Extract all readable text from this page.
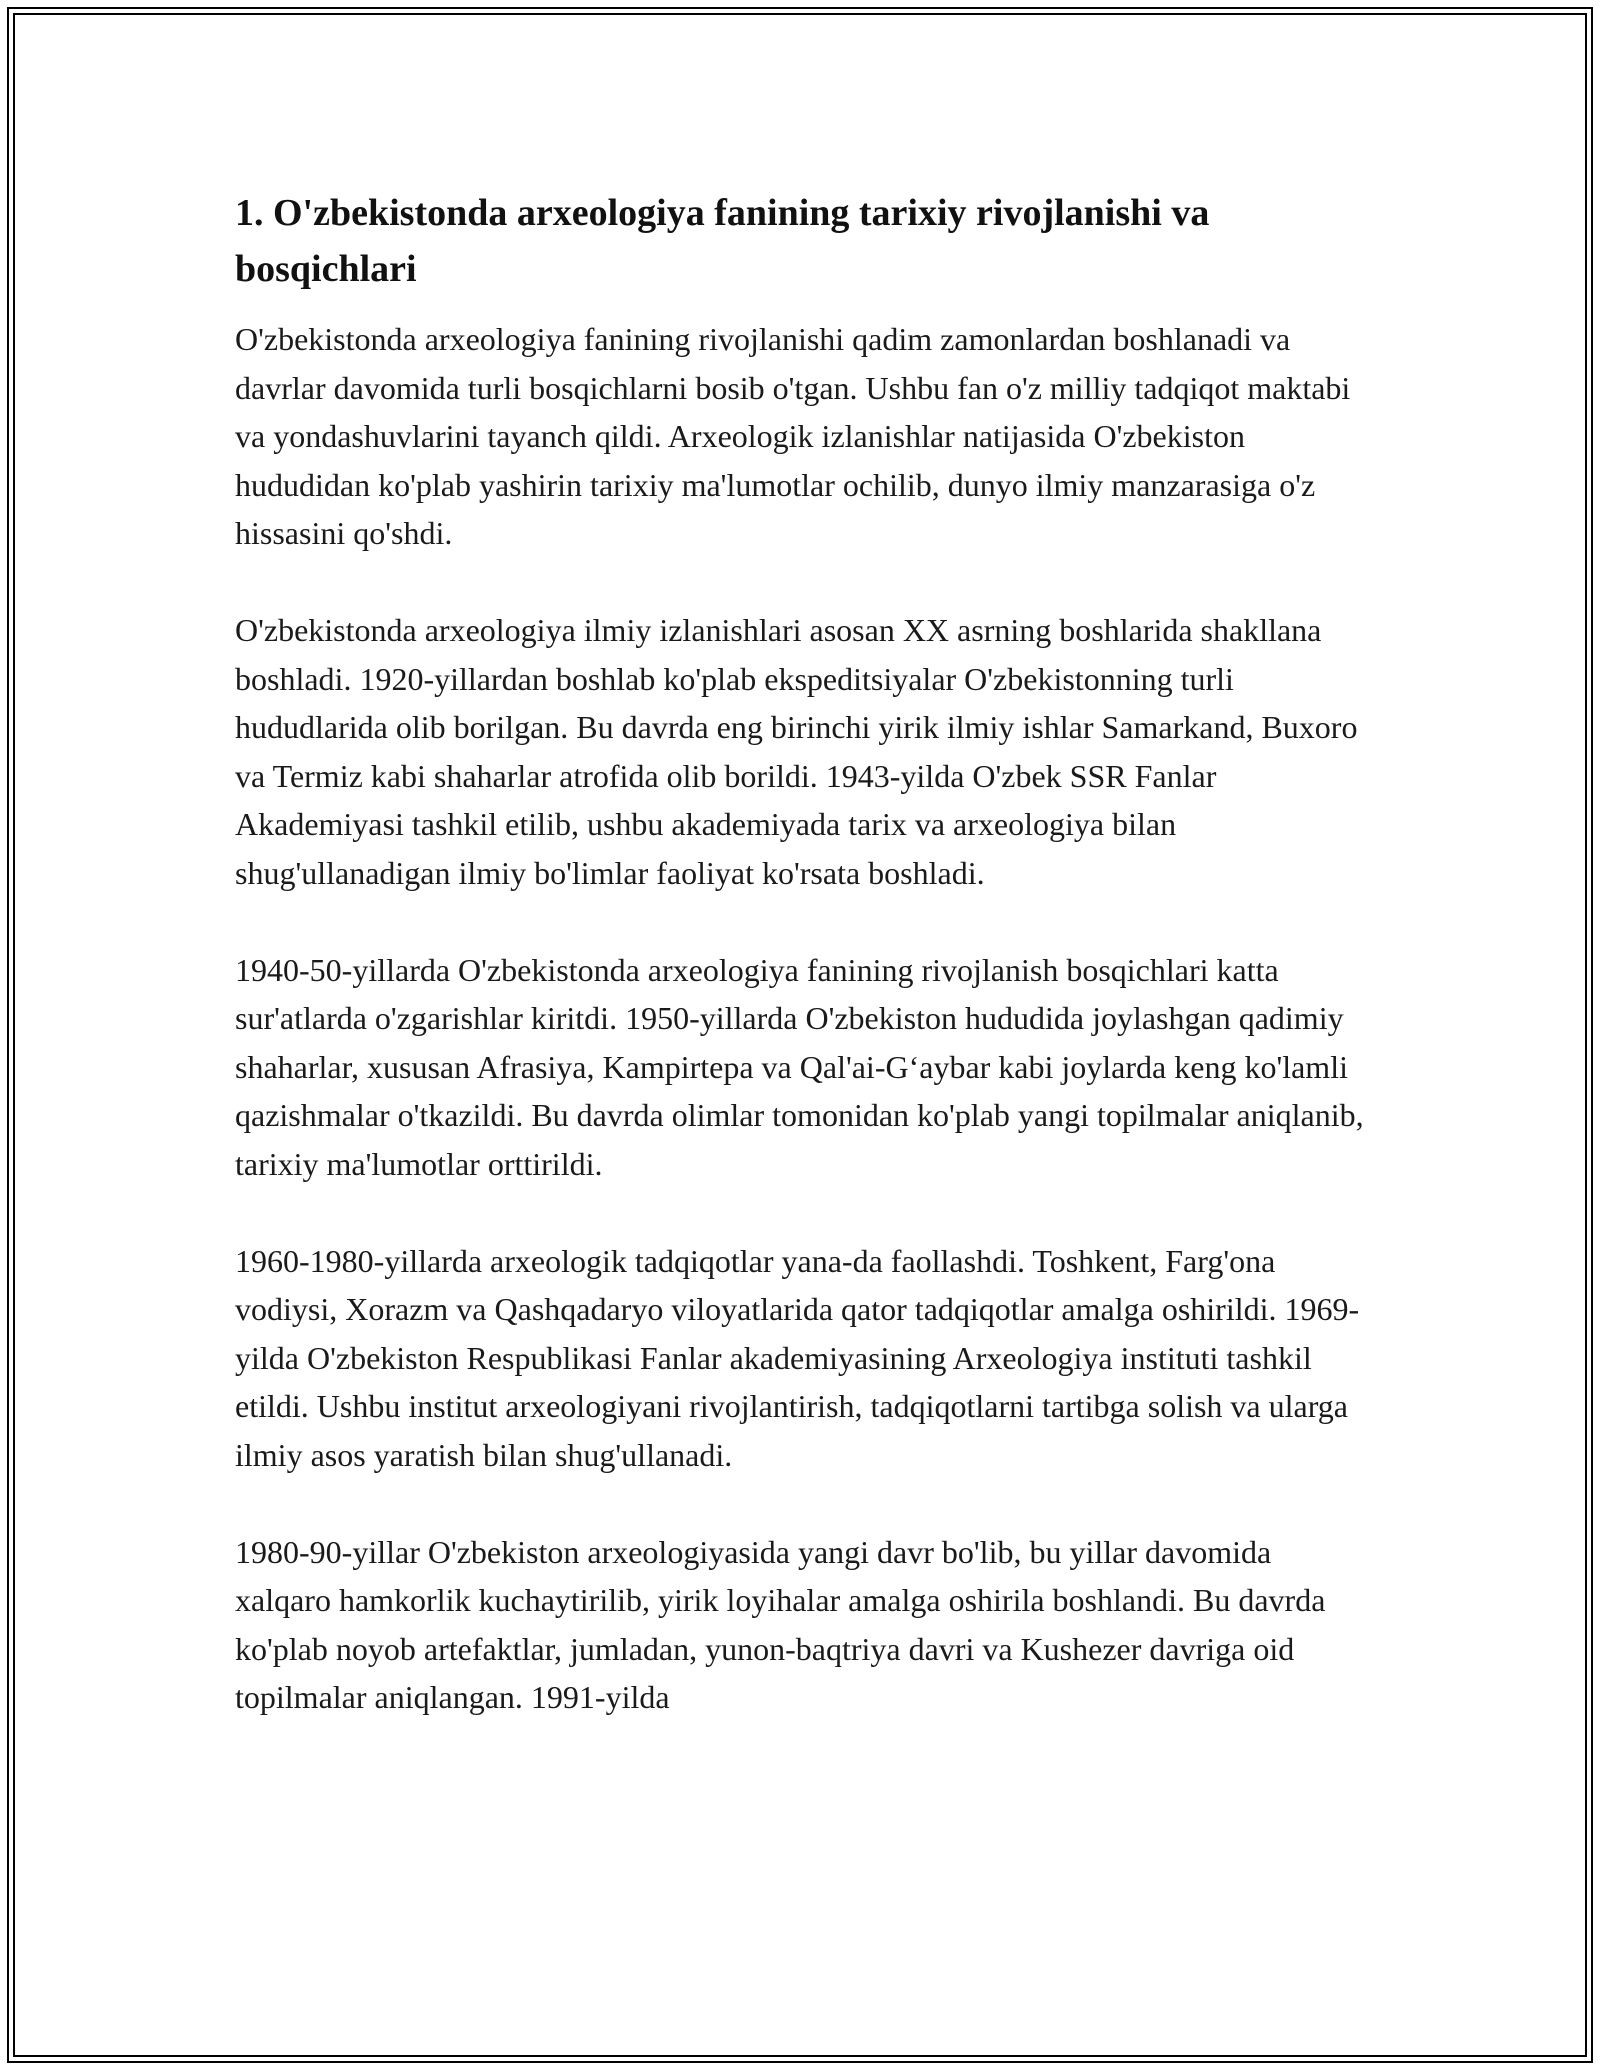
1. O'zbekistonda arxeologiya fanining tarixiy rivojlanishi va bosqichlari

O'zbekistonda arxeologiya fanining rivojlanishi qadim zamonlardan boshlanadi va davrlar davomida turli bosqichlarni bosib o'tgan. Ushbu fan o'z milliy tadqiqot maktabi va yondashuvlarini tayanch qildi. Arxeologik izlanishlar natijasida O'zbekiston hududidan ko'plab yashirin tarixiy ma'lumotlar ochilib, dunyo ilmiy manzarasiga o'z hissasini qo'shdi.

O'zbekistonda arxeologiya ilmiy izlanishlari asosan XX asrning boshlarida shakllana boshladi. 1920-yillardan boshlab ko'plab ekspeditsiyalar O'zbekistonning turli hududlarida olib borilgan. Bu davrda eng birinchi yirik ilmiy ishlar Samarkand, Buxoro va Termiz kabi shaharlar atrofida olib borildi. 1943-yilda O'zbek SSR Fanlar Akademiyasi tashkil etilib, ushbu akademiyada tarix va arxeologiya bilan shug'ullanadigan ilmiy bo'limlar faoliyat ko'rsata boshladi.

1940-50-yillarda O'zbekistonda arxeologiya fanining rivojlanish bosqichlari katta sur'atlarda o'zgarishlar kiritdi. 1950-yillarda O'zbekiston hududida joylashgan qadimiy shaharlar, xususan Afrasiya, Kampirtepa va Qal'ai-G‘aybar kabi joylarda keng ko'lamli qazishmalar o'tkazildi. Bu davrda olimlar tomonidan ko'plab yangi topilmalar aniqlanib, tarixiy ma'lumotlar orttirildi.

1960-1980-yillarda arxeologik tadqiqotlar yana-da faollashdi. Toshkent, Farg'ona vodiysi, Xorazm va Qashqadaryo viloyatlarida qator tadqiqotlar amalga oshirildi. 1969-yilda O'zbekiston Respublikasi Fanlar akademiyasining Arxeologiya instituti tashkil etildi. Ushbu institut arxeologiyani rivojlantirish, tadqiqotlarni tartibga solish va ularga ilmiy asos yaratish bilan shug'ullanadi.

1980-90-yillar O'zbekiston arxeologiyasida yangi davr bo'lib, bu yillar davomida xalqaro hamkorlik kuchaytirilib, yirik loyihalar amalga oshirila boshlandi. Bu davrda ko'plab noyob artefaktlar, jumladan, yunon-baqtriya davri va Kushezer davriga oid topilmalar aniqlangan. 1991-yilda
